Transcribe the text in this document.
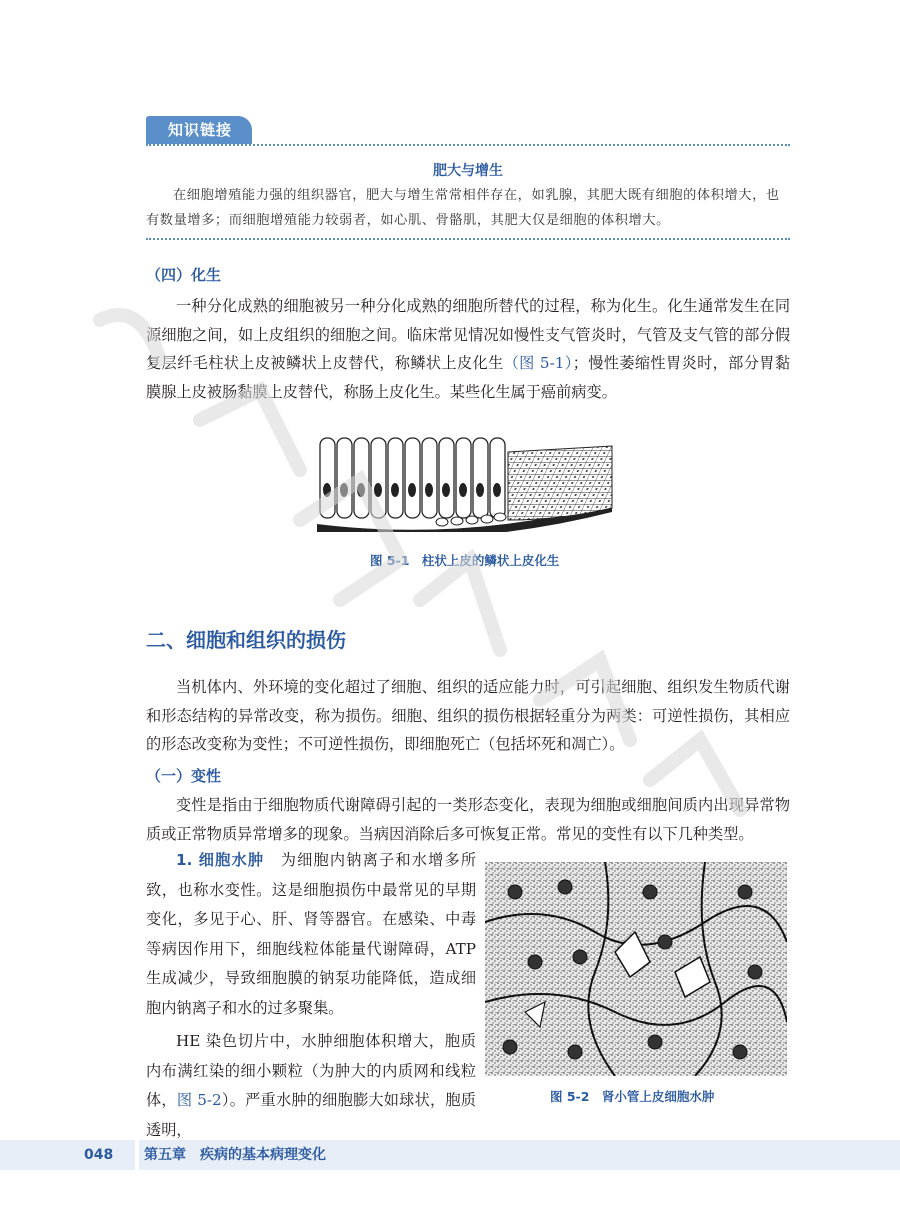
知识链接
肥大与增生
在细胞增殖能力强的组织器官，肥大与增生常常相伴存在，如乳腺，其肥大既有细胞的体积增大，也有数量增多；而细胞增殖能力较弱者，如心肌、骨骼肌，其肥大仅是细胞的体积增大。
（四）化生
一种分化成熟的细胞被另一种分化成熟的细胞所替代的过程，称为化生。化生通常发生在同源细胞之间，如上皮组织的细胞之间。临床常见情况如慢性支气管炎时，气管及支气管的部分假复层纤毛柱状上皮被鳞状上皮替代，称鳞状上皮化生（图 5-1）；慢性萎缩性胃炎时，部分胃黏膜腺上皮被肠黏膜上皮替代，称肠上皮化生。某些化生属于癌前病变。
图 5-1　柱状上皮的鳞状上皮化生
二、细胞和组织的损伤
当机体内、外环境的变化超过了细胞、组织的适应能力时，可引起细胞、组织发生物质代谢和形态结构的异常改变，称为损伤。细胞、组织的损伤根据轻重分为两类：可逆性损伤，其相应的形态改变称为变性；不可逆性损伤，即细胞死亡（包括坏死和凋亡）。
（一）变性
变性是指由于细胞物质代谢障碍引起的一类形态变化，表现为细胞或细胞间质内出现异常物质或正常物质异常增多的现象。当病因消除后多可恢复正常。常见的变性有以下几种类型。

1. 细胞水肿　为细胞内钠离子和水增多所致，也称水变性。这是细胞损伤中最常见的早期变化，多见于心、肝、肾等器官。在感染、中毒等病因作用下，细胞线粒体能量代谢障碍，ATP 生成减少，导致细胞膜的钠泵功能降低，造成细胞内钠离子和水的过多聚集。

HE 染色切片中，水肿细胞体积增大，胞质内布满红染的细小颗粒（为肿大的内质网和线粒体，图 5-2）。严重水肿的细胞膨大如球状，胞质透明，

图 5-2　肾小管上皮细胞水肿
048	第五章　疾病的基本病理变化
